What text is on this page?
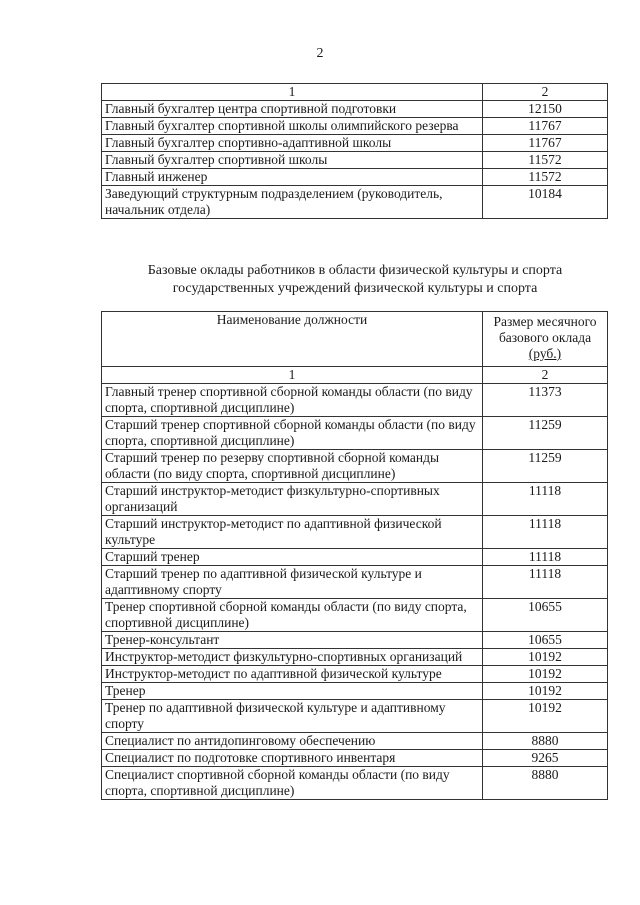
2
1	2
Главный бухгалтер центра спортивной подготовки	12150
Главный бухгалтер спортивной школы олимпийского резерва	11767
Главный бухгалтер спортивно-адаптивной школы	11767
Главный бухгалтер спортивной школы	11572
Главный инженер	11572
Заведующий структурным подразделением (руководитель, начальник отдела)	10184
Базовые оклады работников в области физической культуры и спорта
государственных учреждений физической культуры и спорта
Наименование должности	Размер месячного
базового оклада
(руб.)

1	2
Главный тренер спортивной сборной команды области (по виду спорта, спортивной дисциплине)	11373
Старший тренер спортивной сборной команды области (по виду спорта, спортивной дисциплине)	11259
Старший тренер по резерву спортивной сборной команды области (по виду спорта, спортивной дисциплине)	11259
Старший инструктор-методист физкультурно-спортивных организаций	11118
Старший инструктор-методист по адаптивной физической культуре	11118
Старший тренер	11118
Старший тренер по адаптивной физической культуре и адаптивному спорту	11118
Тренер спортивной сборной команды области (по виду спорта, спортивной дисциплине)	10655
Тренер-консультант	10655
Инструктор-методист физкультурно-спортивных организаций	10192
Инструктор-методист по адаптивной физической культуре	10192
Тренер	10192
Тренер по адаптивной физической культуре и адаптивному спорту	10192
Специалист по антидопинговому обеспечению	8880
Специалист по подготовке спортивного инвентаря	9265
Специалист спортивной сборной команды области (по виду спорта, спортивной дисциплине)	8880
